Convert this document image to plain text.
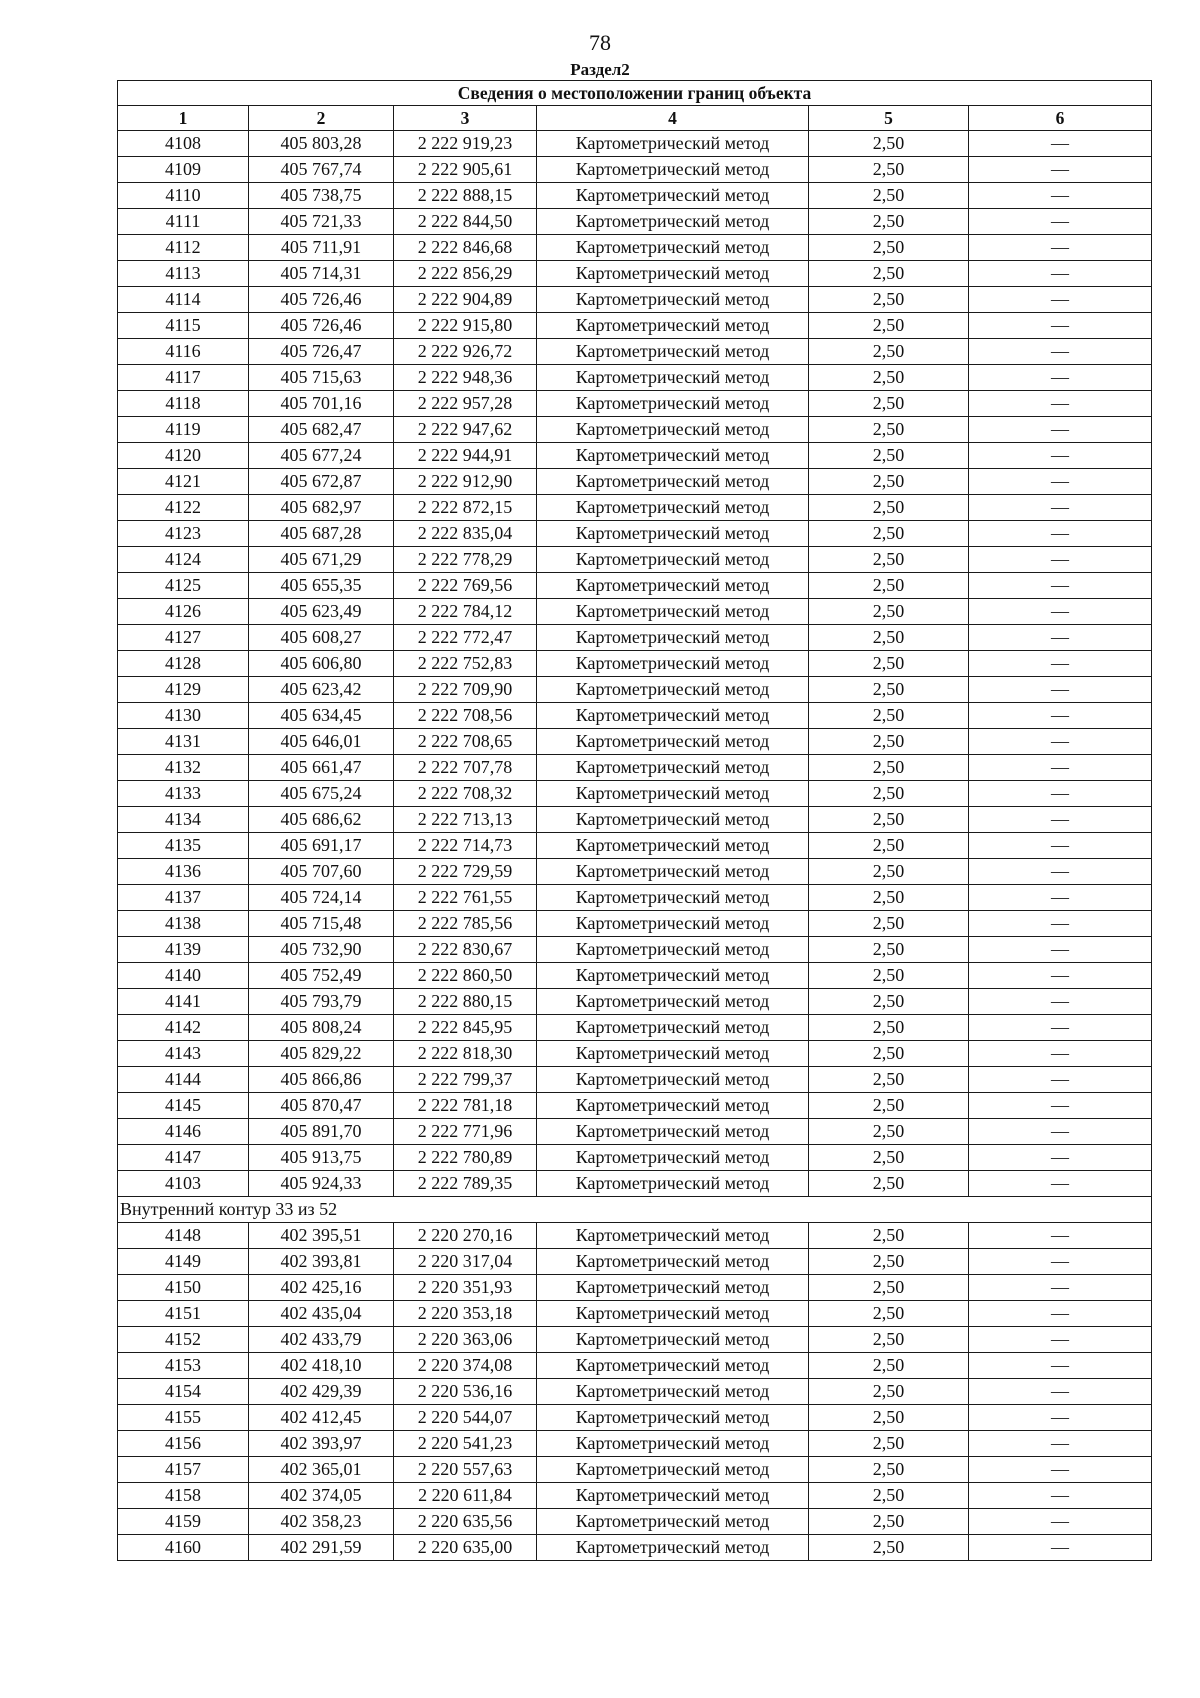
78
Раздел2
Сведения о местоположении границ объекта					
1	2	3	4	5	6
4108	405 803,28	2 222 919,23	Картометрический метод	2,50	—
4109	405 767,74	2 222 905,61	Картометрический метод	2,50	—
4110	405 738,75	2 222 888,15	Картометрический метод	2,50	—
4111	405 721,33	2 222 844,50	Картометрический метод	2,50	—
4112	405 711,91	2 222 846,68	Картометрический метод	2,50	—
4113	405 714,31	2 222 856,29	Картометрический метод	2,50	—
4114	405 726,46	2 222 904,89	Картометрический метод	2,50	—
4115	405 726,46	2 222 915,80	Картометрический метод	2,50	—
4116	405 726,47	2 222 926,72	Картометрический метод	2,50	—
4117	405 715,63	2 222 948,36	Картометрический метод	2,50	—
4118	405 701,16	2 222 957,28	Картометрический метод	2,50	—
4119	405 682,47	2 222 947,62	Картометрический метод	2,50	—
4120	405 677,24	2 222 944,91	Картометрический метод	2,50	—
4121	405 672,87	2 222 912,90	Картометрический метод	2,50	—
4122	405 682,97	2 222 872,15	Картометрический метод	2,50	—
4123	405 687,28	2 222 835,04	Картометрический метод	2,50	—
4124	405 671,29	2 222 778,29	Картометрический метод	2,50	—
4125	405 655,35	2 222 769,56	Картометрический метод	2,50	—
4126	405 623,49	2 222 784,12	Картометрический метод	2,50	—
4127	405 608,27	2 222 772,47	Картометрический метод	2,50	—
4128	405 606,80	2 222 752,83	Картометрический метод	2,50	—
4129	405 623,42	2 222 709,90	Картометрический метод	2,50	—
4130	405 634,45	2 222 708,56	Картометрический метод	2,50	—
4131	405 646,01	2 222 708,65	Картометрический метод	2,50	—
4132	405 661,47	2 222 707,78	Картометрический метод	2,50	—
4133	405 675,24	2 222 708,32	Картометрический метод	2,50	—
4134	405 686,62	2 222 713,13	Картометрический метод	2,50	—
4135	405 691,17	2 222 714,73	Картометрический метод	2,50	—
4136	405 707,60	2 222 729,59	Картометрический метод	2,50	—
4137	405 724,14	2 222 761,55	Картометрический метод	2,50	—
4138	405 715,48	2 222 785,56	Картометрический метод	2,50	—
4139	405 732,90	2 222 830,67	Картометрический метод	2,50	—
4140	405 752,49	2 222 860,50	Картометрический метод	2,50	—
4141	405 793,79	2 222 880,15	Картометрический метод	2,50	—
4142	405 808,24	2 222 845,95	Картометрический метод	2,50	—
4143	405 829,22	2 222 818,30	Картометрический метод	2,50	—
4144	405 866,86	2 222 799,37	Картометрический метод	2,50	—
4145	405 870,47	2 222 781,18	Картометрический метод	2,50	—
4146	405 891,70	2 222 771,96	Картометрический метод	2,50	—
4147	405 913,75	2 222 780,89	Картометрический метод	2,50	—
4103	405 924,33	2 222 789,35	Картометрический метод	2,50	—
Внутренний контур 33 из 52					
4148	402 395,51	2 220 270,16	Картометрический метод	2,50	—
4149	402 393,81	2 220 317,04	Картометрический метод	2,50	—
4150	402 425,16	2 220 351,93	Картометрический метод	2,50	—
4151	402 435,04	2 220 353,18	Картометрический метод	2,50	—
4152	402 433,79	2 220 363,06	Картометрический метод	2,50	—
4153	402 418,10	2 220 374,08	Картометрический метод	2,50	—
4154	402 429,39	2 220 536,16	Картометрический метод	2,50	—
4155	402 412,45	2 220 544,07	Картометрический метод	2,50	—
4156	402 393,97	2 220 541,23	Картометрический метод	2,50	—
4157	402 365,01	2 220 557,63	Картометрический метод	2,50	—
4158	402 374,05	2 220 611,84	Картометрический метод	2,50	—
4159	402 358,23	2 220 635,56	Картометрический метод	2,50	—
4160	402 291,59	2 220 635,00	Картометрический метод	2,50	—
